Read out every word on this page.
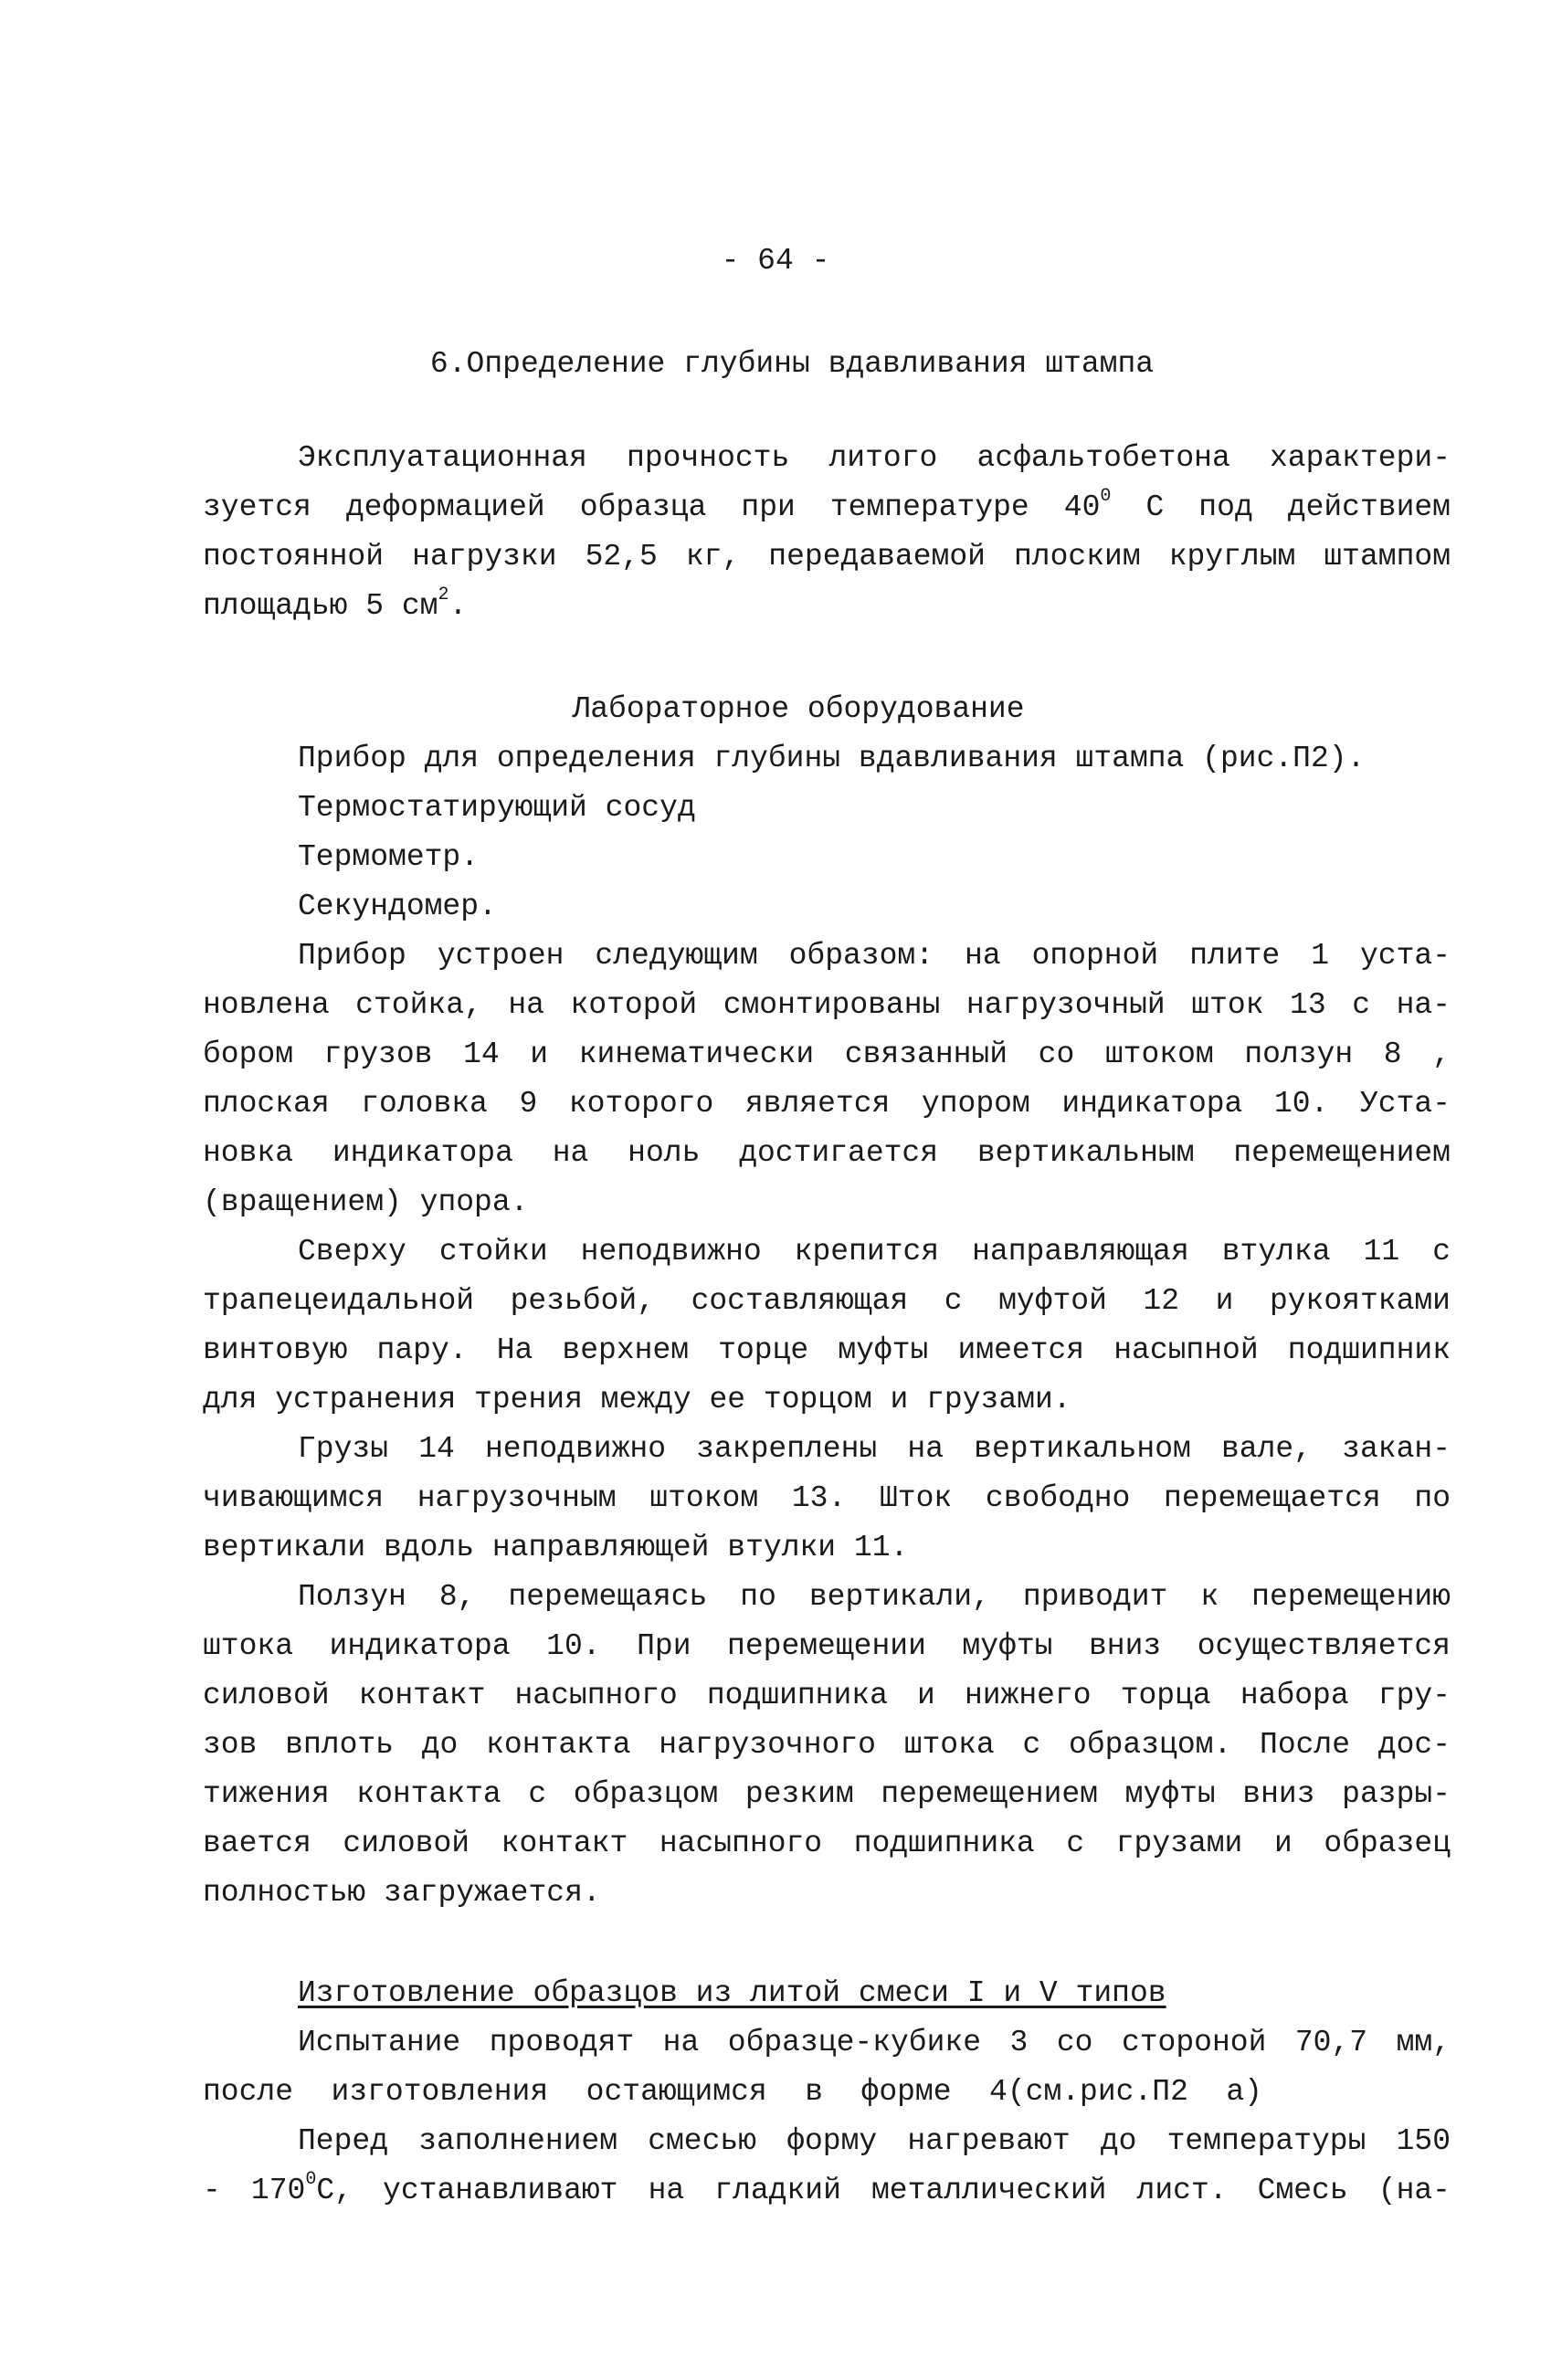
- 64 -
6.Определение глубины вдавливания штампа
Эксплуатационная прочность литого асфальтобетона характери-
зуется деформацией образца при температуре $40^0$ С под действием
постоянной нагрузки 52,5 кг, передаваемой плоским круглым штампом
площадью 5 $см^2$.
Лабораторное оборудование
Прибор для определения глубины вдавливания штампа (рис.П2).
Термостатирующий сосуд
Термометр.
Секундомер.
Прибор устроен следующим образом: на опорной плите 1 уста-
новлена стойка, на которой смонтированы нагрузочный шток 13 с на-
бором грузов 14 и кинематически связанный со штоком ползун 8 ,
плоская головка 9 которого является упором индикатора 10. Уста-
новка индикатора на ноль достигается вертикальным перемещением
(вращением) упора.
Сверху стойки неподвижно крепится направляющая втулка 11 с
трапецеидальной резьбой, составляющая с муфтой 12 и рукоятками
винтовую пару. На верхнем торце муфты имеется насыпной подшипник
для устранения трения между ее торцом и грузами.
Грузы 14 неподвижно закреплены на вертикальном вале, закан-
чивающимся нагрузочным штоком 13. Шток свободно перемещается по
вертикали вдоль направляющей втулки 11.
Ползун 8, перемещаясь по вертикали, приводит к перемещению
штока индикатора 10. При перемещении муфты вниз осуществляется
силовой контакт насыпного подшипника и нижнего торца набора гру-
зов вплоть до контакта нагрузочного штока с образцом. После дос-
тижения контакта с образцом резким перемещением муфты вниз разры-
вается силовой контакт насыпного подшипника с грузами и образец
полностью загружается.
Изготовление образцов из литой смеси I и V типов
Испытание проводят на образце-кубике 3 со стороной 70,7 мм,
после изготовления остающимся в форме 4(см.рис.П2 а)
Перед заполнением смесью форму нагревают до температуры 150
- $170^0С$, устанавливают на гладкий металлический лист. Смесь (на-
